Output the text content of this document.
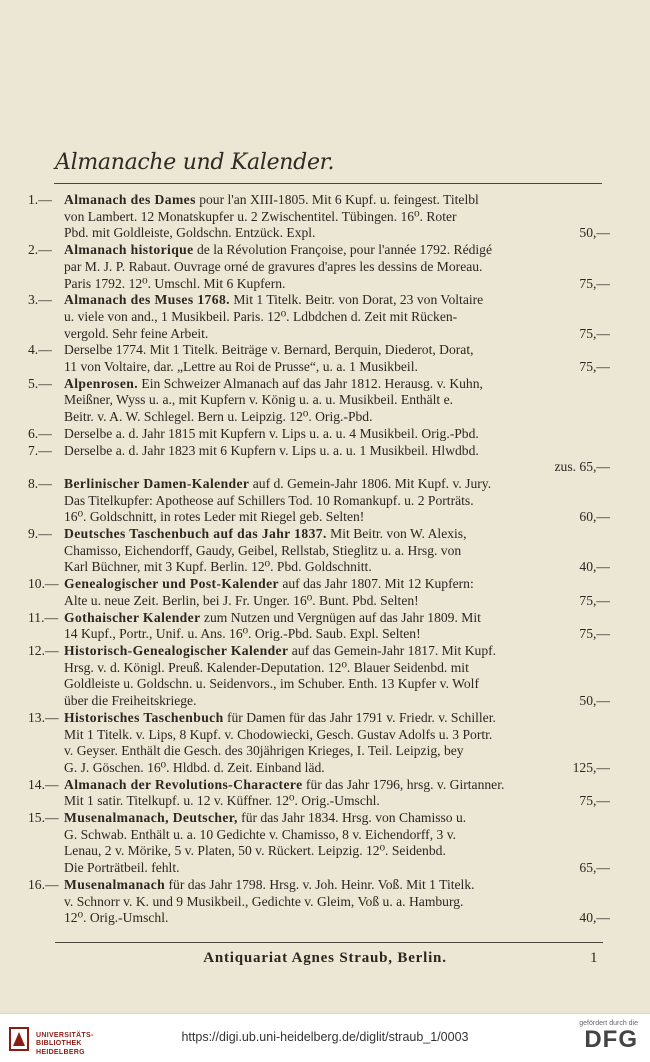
Almanache und Kalender.
1.— Almanach des Dames pour l'an XIII-1805. Mit 6 Kupf. u. feingest. Titelbl
von Lambert. 12 Monatskupfer u. 2 Zwischentitel. Tübingen. 16⁰. Roter
50,—
Pbd. mit Goldleiste, Goldschn. Entzück. Expl.
2.— Almanach historique de la Révolution Françoise, pour l'année 1792. Rédigé
par M. J. P. Rabaut. Ouvrage orné de gravures d'apres les dessins de Moreau.
75,—
Paris 1792. 12⁰. Umschl. Mit 6 Kupfern.
3.— Almanach des Muses 1768. Mit 1 Titelk. Beitr. von Dorat, 23 von Voltaire
u. viele von and., 1 Musikbeil. Paris. 12⁰. Ldbdchen d. Zeit mit Rücken-
75,—
vergold. Sehr feine Arbeit.
4.— Derselbe 1774. Mit 1 Titelk. Beiträge v. Bernard, Berquin, Diederot, Dorat,
75,—
11 von Voltaire, dar. „Lettre au Roi de Prusse“, u. a. 1 Musikbeil.
5.— Alpenrosen. Ein Schweizer Almanach auf das Jahr 1812. Herausg. v. Kuhn,
Meißner, Wyss u. a., mit Kupfern v. König u. a. u. Musikbeil. Enthält e.
Beitr. v. A. W. Schlegel. Bern u. Leipzig. 12⁰. Orig.-Pbd.
6.— Derselbe a. d. Jahr 1815 mit Kupfern v. Lips u. a. u. 4 Musikbeil. Orig.-Pbd.
7.— Derselbe a. d. Jahr 1823 mit 6 Kupfern v. Lips u. a. u. 1 Musikbeil. Hlwdbd.
zus. 65,—
8.— Berlinischer Damen-Kalender auf d. Gemein-Jahr 1806. Mit Kupf. v. Jury.
Das Titelkupfer: Apotheose auf Schillers Tod. 10 Romankupf. u. 2 Porträts.
60,—
16⁰. Goldschnitt, in rotes Leder mit Riegel geb. Selten!
9.— Deutsches Taschenbuch auf das Jahr 1837. Mit Beitr. von W. Alexis,
Chamisso, Eichendorff, Gaudy, Geibel, Rellstab, Stieglitz u. a. Hrsg. von
40,—
Karl Büchner, mit 3 Kupf. Berlin. 12⁰. Pbd. Goldschnitt.
10.— Genealogischer und Post-Kalender auf das Jahr 1807. Mit 12 Kupfern:
75,—
Alte u. neue Zeit. Berlin, bei J. Fr. Unger. 16⁰. Bunt. Pbd. Selten!
11.— Gothaischer Kalender zum Nutzen und Vergnügen auf das Jahr 1809. Mit
75,—
14 Kupf., Portr., Unif. u. Ans. 16⁰. Orig.-Pbd. Saub. Expl. Selten!
12.— Historisch-Genealogischer Kalender auf das Gemein-Jahr 1817. Mit Kupf.
Hrsg. v. d. Königl. Preuß. Kalender-Deputation. 12⁰. Blauer Seidenbd. mit
Goldleiste u. Goldschn. u. Seidenvors., im Schuber. Enth. 13 Kupfer v. Wolf
50,—
über die Freiheitskriege.
13.— Historisches Taschenbuch für Damen für das Jahr 1791 v. Friedr. v. Schiller.
Mit 1 Titelk. v. Lips, 8 Kupf. v. Chodowiecki, Gesch. Gustav Adolfs u. 3 Portr.
v. Geyser. Enthält die Gesch. des 30jährigen Krieges, I. Teil. Leipzig, bey
125,—
G. J. Göschen. 16⁰. Hldbd. d. Zeit. Einband läd.
14.— Almanach der Revolutions-Charactere für das Jahr 1796, hrsg. v. Girtanner.
75,—
Mit 1 satir. Titelkupf. u. 12 v. Küffner. 12⁰. Orig.-Umschl.
15.— Musenalmanach, Deutscher, für das Jahr 1834. Hrsg. von Chamisso u.
G. Schwab. Enthält u. a. 10 Gedichte v. Chamisso, 8 v. Eichendorff, 3 v.
Lenau, 2 v. Mörike, 5 v. Platen, 50 v. Rückert. Leipzig. 12⁰. Seidenbd.
65,—
Die Porträtbeil. fehlt.
16.— Musenalmanach für das Jahr 1798. Hrsg. v. Joh. Heinr. Voß. Mit 1 Titelk.
v. Schnorr v. K. und 9 Musikbeil., Gedichte v. Gleim, Voß u. a. Hamburg.
40,—
12⁰. Orig.-Umschl.
Antiquariat Agnes Straub, Berlin.	1
UNIVERSITÄTS-
BIBLIOTHEK
HEIDELBERG
https://digi.ub.uni-heidelberg.de/diglit/straub_1/0003
gefördert durch die
DFG
